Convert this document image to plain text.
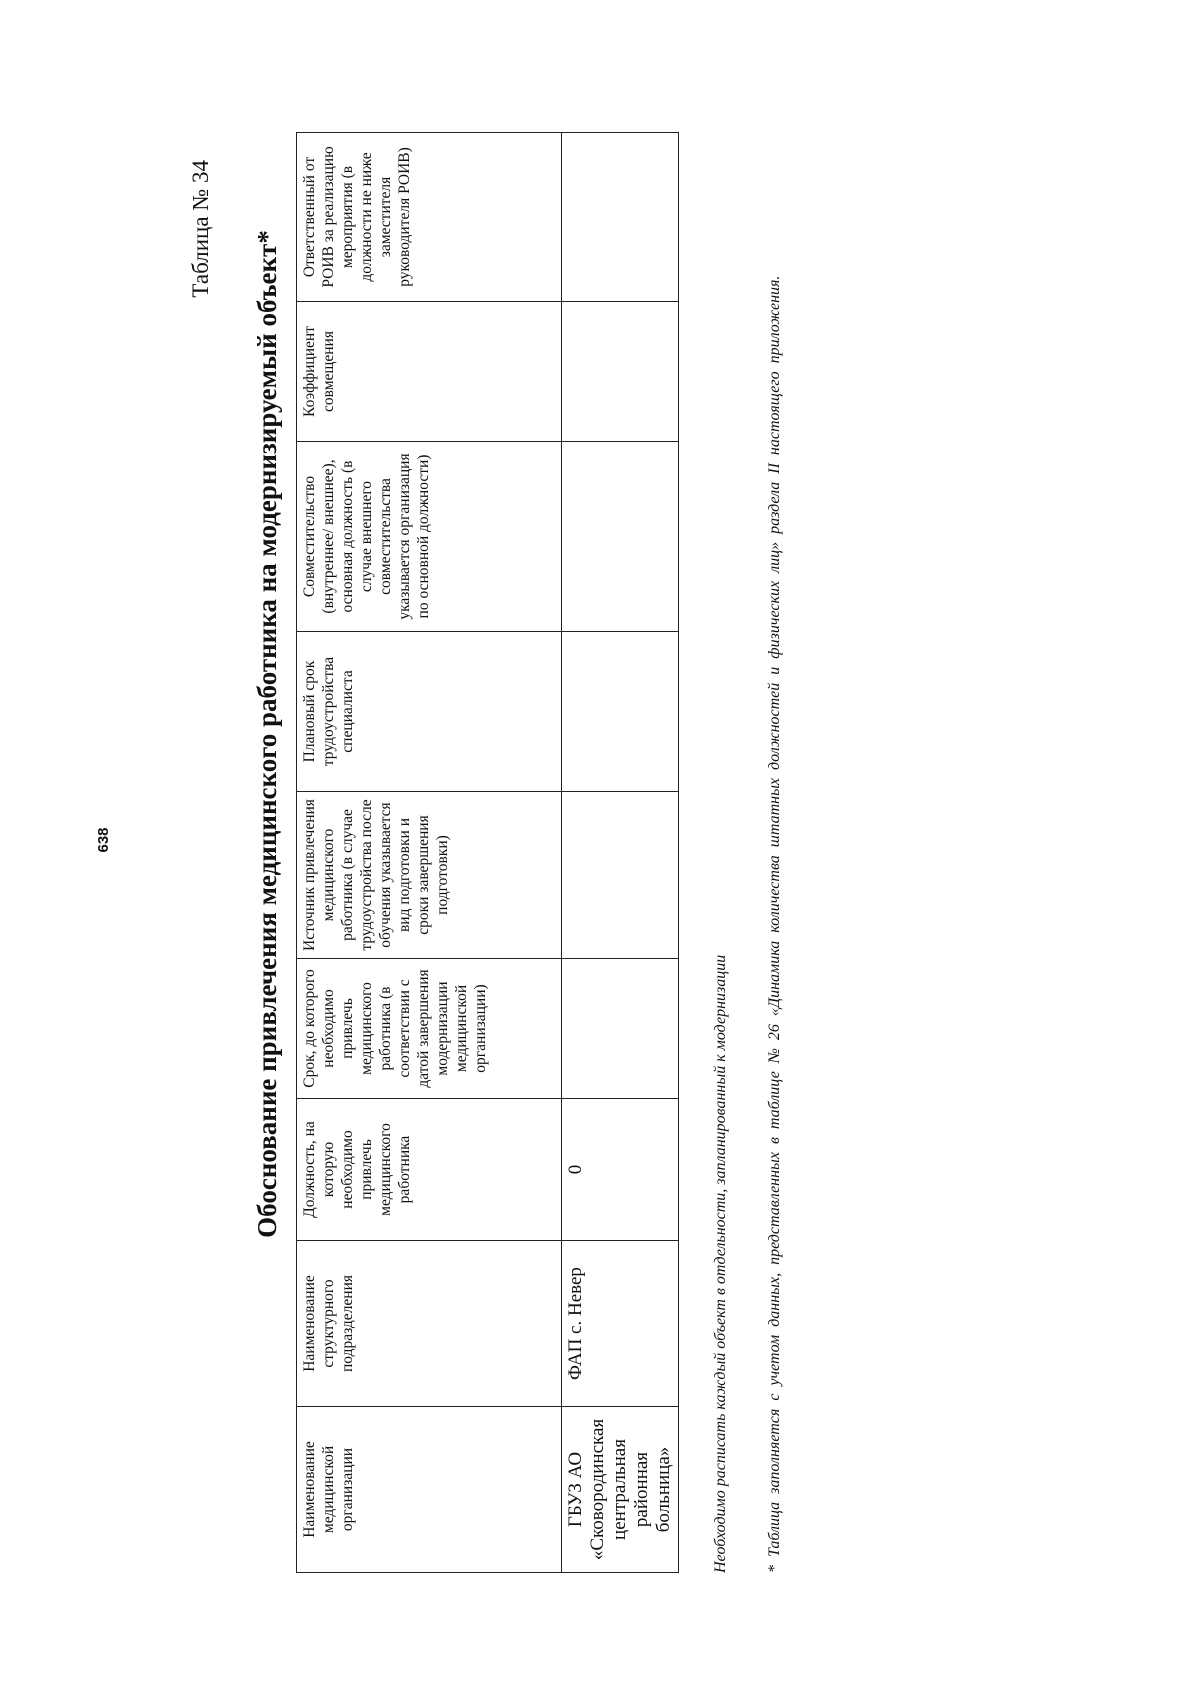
638
Таблица № 34
Обоснование привлечения медицинского работника на модернизируемый объект*
Наименование медицинской организации	Наименование структурного подразделения	Должность, на которую необходимо привлечь медицинского работника	Срок, до которого необходимо привлечь медицинского работника (в соответствии с датой завершения модернизации медицинской организации)	Источник привлечения медицинского работника (в случае трудоустройства после обучения указывается вид подготовки и сроки завершения подготовки)	Плановый срок трудоустройства специалиста	Совместительство (внутреннее/ внешнее), основная должность (в случае внешнего совместительства указывается организация по основной должности)	Коэффициент совмещения	Ответственный от РОИВ за реализацию мероприятия (в должности не ниже заместителя руководителя РОИВ)
ГБУЗ АО «Сковородинская центральная районная больница»	ФАП с. Невер	0							Необходимо расписать каждый объект в отдельности, запланированный к модернизации * Таблица заполняется с учетом данных, представленных в таблице № 26 «Динамика количества штатных должностей и физических лиц» раздела II настоящего приложения.
